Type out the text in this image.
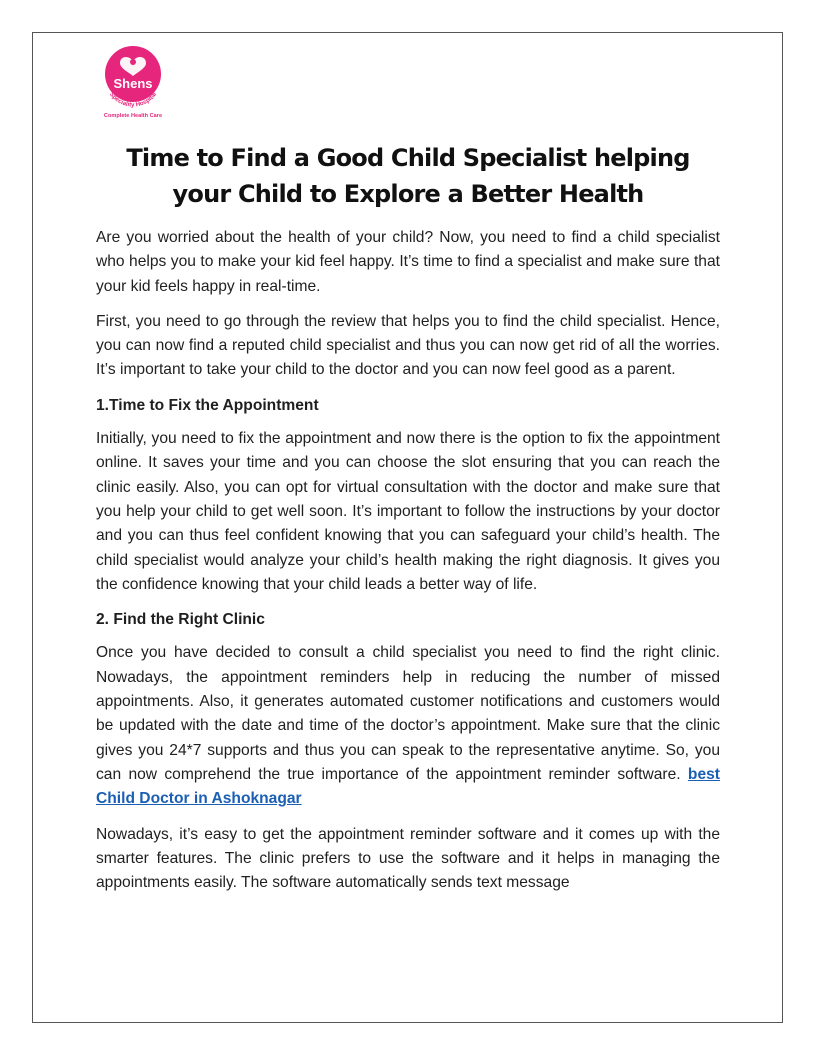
Shens
Speciality Hospital
Complete Health Care
Time to Find a Good Child Specialist helping your Child to Explore a Better Health

Are you worried about the health of your child? Now, you need to find a child specialist who helps you to make your kid feel happy. It’s time to find a specialist and make sure that your kid feels happy in real-time.

First, you need to go through the review that helps you to find the child specialist. Hence, you can now find a reputed child specialist and thus you can now get rid of all the worries. It’s important to take your child to the doctor and you can now feel good as a parent.

1.Time to Fix the Appointment

Initially, you need to fix the appointment and now there is the option to fix the appointment online. It saves your time and you can choose the slot ensuring that you can reach the clinic easily. Also, you can opt for virtual consultation with the doctor and make sure that you help your child to get well soon. It’s important to follow the instructions by your doctor and you can thus feel confident knowing that you can safeguard your child’s health. The child specialist would analyze your child’s health making the right diagnosis. It gives you the confidence knowing that your child leads a better way of life.

2. Find the Right Clinic

Once you have decided to consult a child specialist you need to find the right clinic. Nowadays, the appointment reminders help in reducing the number of missed appointments. Also, it generates automated customer notifications and customers would be updated with the date and time of the doctor’s appointment. Make sure that the clinic gives you 24*7 supports and thus you can speak to the representative anytime. So, you can now comprehend the true importance of the appointment reminder software. best Child Doctor in Ashoknagar

Nowadays, it’s easy to get the appointment reminder software and it comes up with the smarter features. The clinic prefers to use the software and it helps in managing the appointments easily. The software automatically sends text message
